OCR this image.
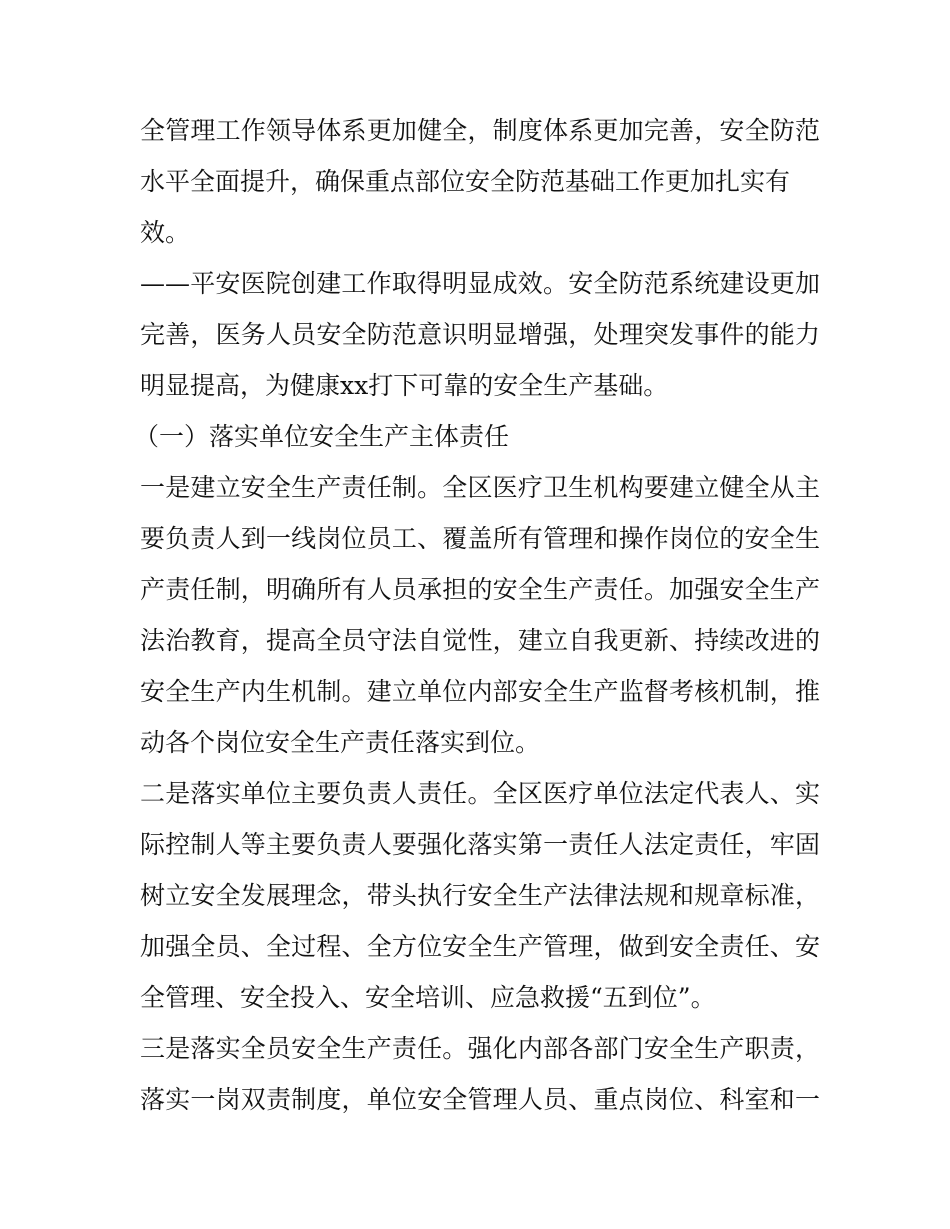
全管理工作领导体系更加健全，制度体系更加完善，安全防范
水平全面提升，确保重点部位安全防范基础工作更加扎实有
效。
——平安医院创建工作取得明显成效。安全防范系统建设更加
完善，医务人员安全防范意识明显增强，处理突发事件的能力
明显提高，为健康xx打下可靠的安全生产基础。
（一）落实单位安全生产主体责任
一是建立安全生产责任制。全区医疗卫生机构要建立健全从主
要负责人到一线岗位员工、覆盖所有管理和操作岗位的安全生
产责任制，明确所有人员承担的安全生产责任。加强安全生产
法治教育，提高全员守法自觉性，建立自我更新、持续改进的
安全生产内生机制。建立单位内部安全生产监督考核机制，推
动各个岗位安全生产责任落实到位。
二是落实单位主要负责人责任。全区医疗单位法定代表人、实
际控制人等主要负责人要强化落实第一责任人法定责任，牢固
树立安全发展理念，带头执行安全生产法律法规和规章标准，
加强全员、全过程、全方位安全生产管理，做到安全责任、安
全管理、安全投入、安全培训、应急救援“五到位”。
三是落实全员安全生产责任。强化内部各部门安全生产职责，
落实一岗双责制度，单位安全管理人员、重点岗位、科室和一
